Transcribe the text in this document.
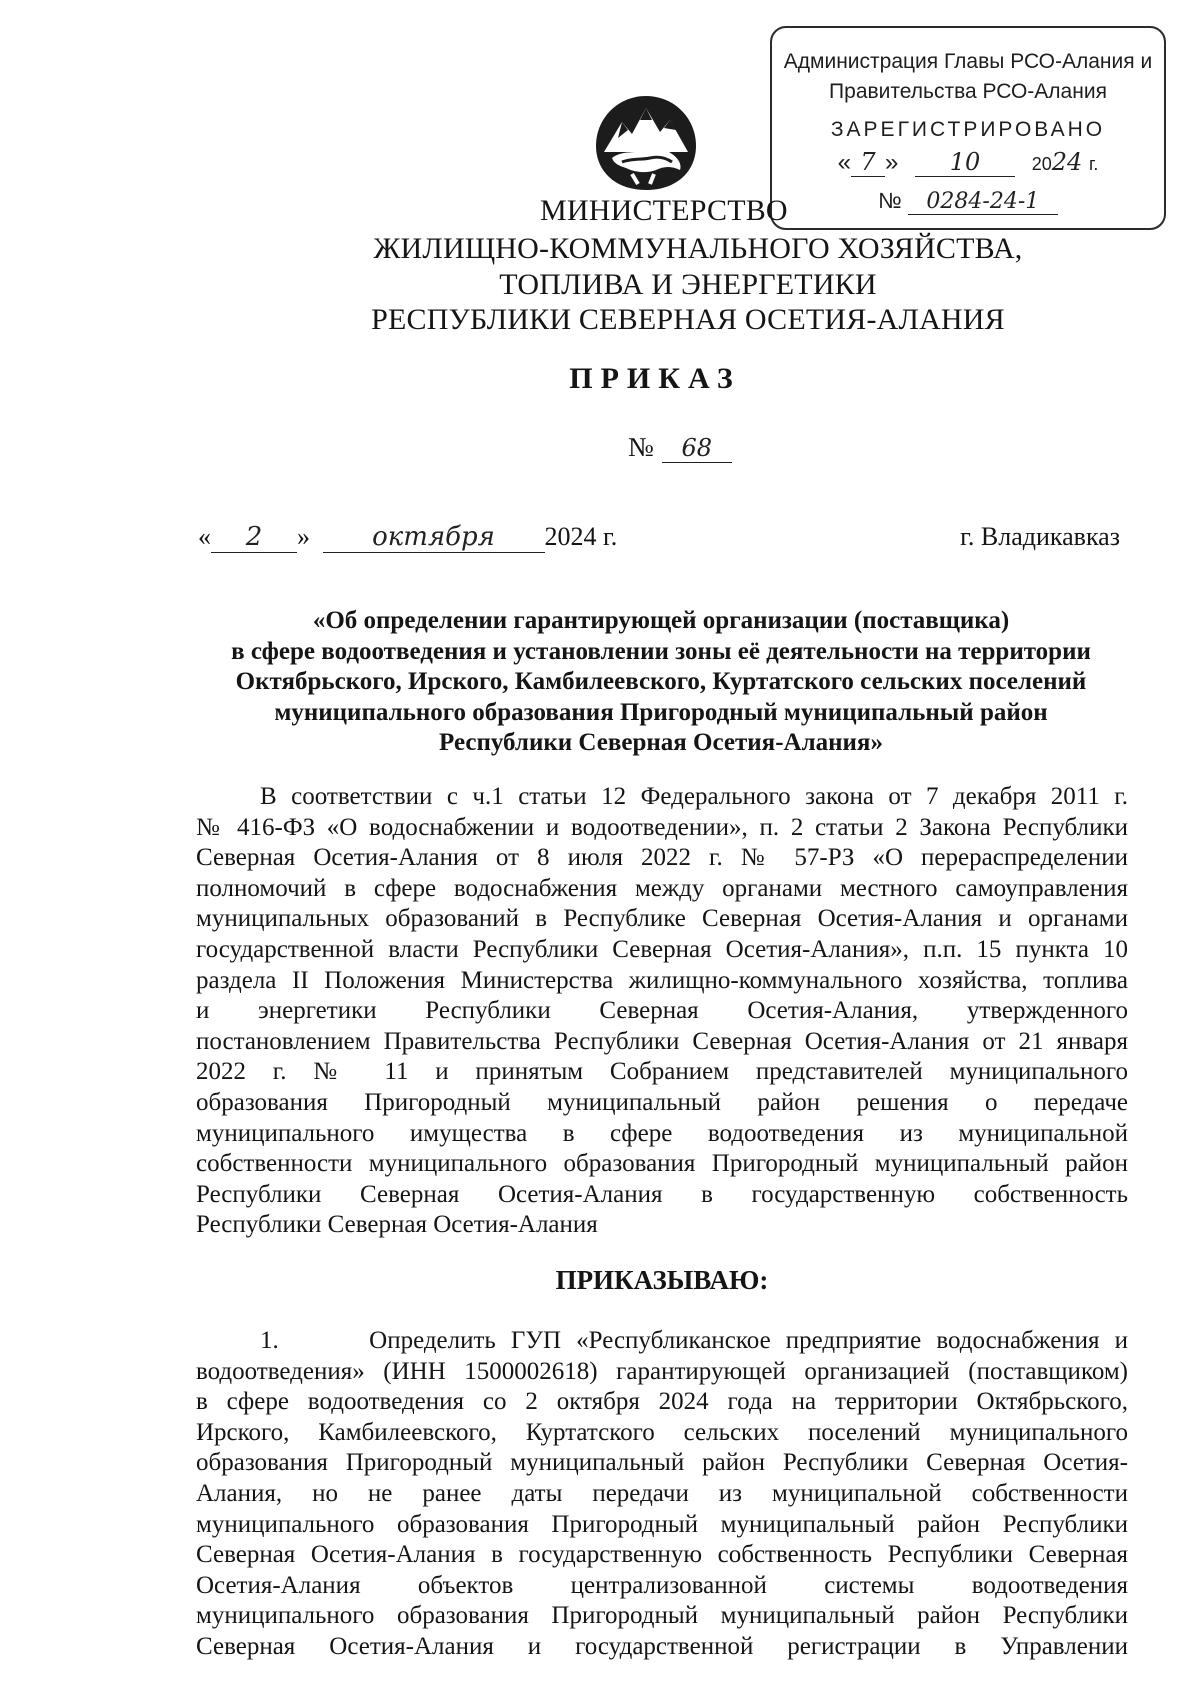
Администрация Главы РСО-Алания и
Правительства РСО-Алания
ЗАРЕГИСТРИРОВАНО
« 7 » 10	2024 г.
№ 0284-24-1
МИНИСТЕРСТВО
ЖИЛИЩНО-КОММУНАЛЬНОГО ХОЗЯЙСТВА,
ТОПЛИВА И ЭНЕРГЕТИКИ
РЕСПУБЛИКИ СЕВЕРНАЯ ОСЕТИЯ-АЛАНИЯ
ПРИКАЗ
№ 68
« 2 » октября 2024 г.	г. Владикавказ
«Об определении гарантирующей организации (поставщика)
в сфере водоотведения и установлении зоны её деятельности на территории
Октябрьского, Ирского, Камбилеевского, Куртатского сельских поселений
муниципального образования Пригородный муниципальный район
Республики Северная Осетия-Алания»
В соответствии с ч.1 статьи 12 Федерального закона от 7 декабря 2011 г.
№ 416-ФЗ «О водоснабжении и водоотведении», п. 2 статьи 2 Закона Республики
Северная Осетия-Алания от 8 июля 2022 г. № 57-РЗ «О перераспределении
полномочий в сфере водоснабжения между органами местного самоуправления
муниципальных образований в Республике Северная Осетия-Алания и органами
государственной власти Республики Северная Осетия-Алания», п.п. 15 пункта 10
раздела II Положения Министерства жилищно-коммунального хозяйства, топлива
и энергетики Республики Северная Осетия-Алания, утвержденного
постановлением Правительства Республики Северная Осетия-Алания от 21 января
2022 г. № 11 и принятым Собранием представителей муниципального
образования Пригородный муниципальный район решения о передаче
муниципального имущества в сфере водоотведения из муниципальной
собственности муниципального образования Пригородный муниципальный район
Республики Северная Осетия-Алания в государственную собственность
Республики Северная Осетия-Алания
ПРИКАЗЫВАЮ:
1.      Определить ГУП «Республиканское предприятие водоснабжения и
водоотведения» (ИНН 1500002618) гарантирующей организацией (поставщиком)
в сфере водоотведения со 2 октября 2024 года на территории Октябрьского,
Ирского, Камбилеевского, Куртатского сельских поселений муниципального
образования Пригородный муниципальный район Республики Северная Осетия-
Алания, но не ранее даты передачи из муниципальной собственности
муниципального образования Пригородный муниципальный район Республики
Северная Осетия-Алания в государственную собственность Республики Северная
Осетия-Алания объектов централизованной системы водоотведения
муниципального образования Пригородный муниципальный район Республики
Северная Осетия-Алания и государственной регистрации в Управлении
